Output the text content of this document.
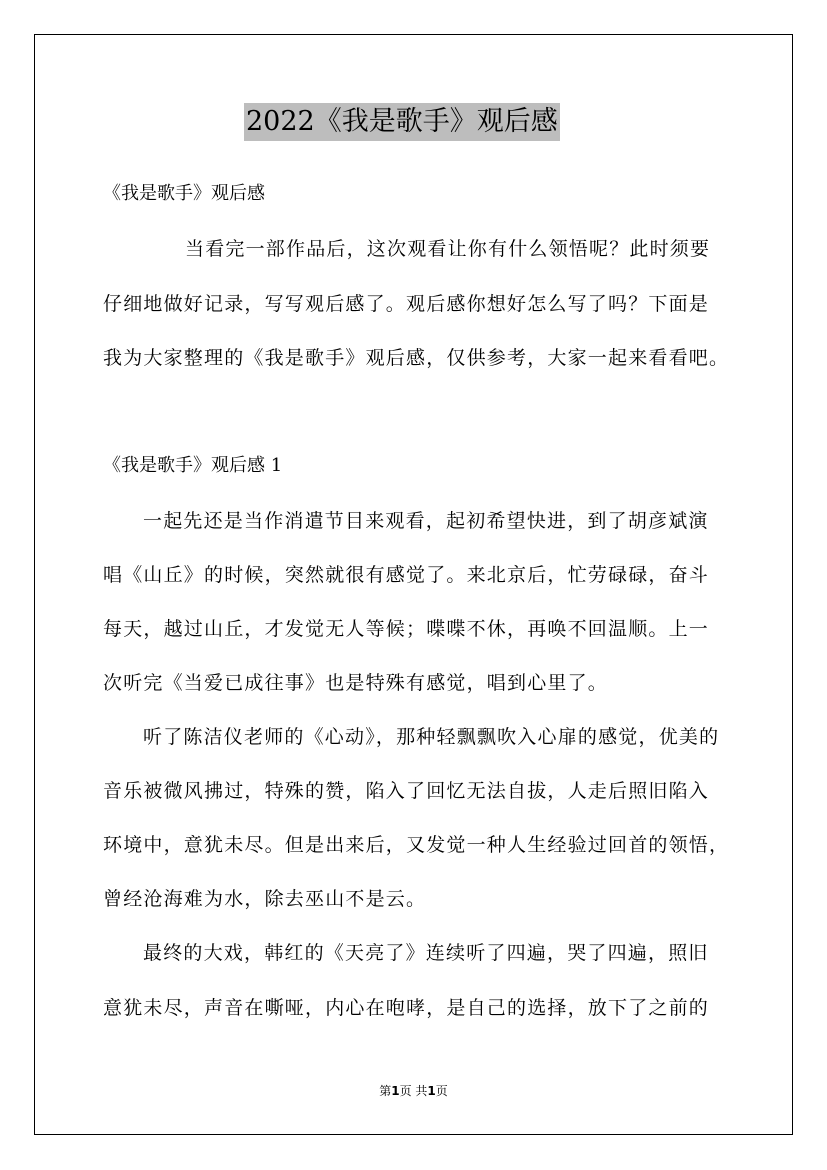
2022《我是歌手》观后感
《我是歌手》观后感
当看完一部作品后，这次观看让你有什么领悟呢？此时须要
仔细地做好记录，写写观后感了。观后感你想好怎么写了吗？下面是
我为大家整理的《我是歌手》观后感，仅供参考，大家一起来看看吧。
《我是歌手》观后感 1
一起先还是当作消遣节目来观看，起初希望快进，到了胡彦斌演
唱《山丘》的时候，突然就很有感觉了。来北京后，忙劳碌碌，奋斗
每天，越过山丘，才发觉无人等候；喋喋不休，再唤不回温顺。上一
次听完《当爱已成往事》也是特殊有感觉，唱到心里了。
听了陈洁仪老师的《心动》，那种轻飘飘吹入心扉的感觉，优美的
音乐被微风拂过，特殊的赞，陷入了回忆无法自拔，人走后照旧陷入
环境中，意犹未尽。但是出来后，又发觉一种人生经验过回首的领悟，
曾经沧海难为水，除去巫山不是云。
最终的大戏，韩红的《天亮了》连续听了四遍，哭了四遍，照旧
意犹未尽，声音在嘶哑，内心在咆哮，是自己的选择，放下了之前的
第1页 共1页
